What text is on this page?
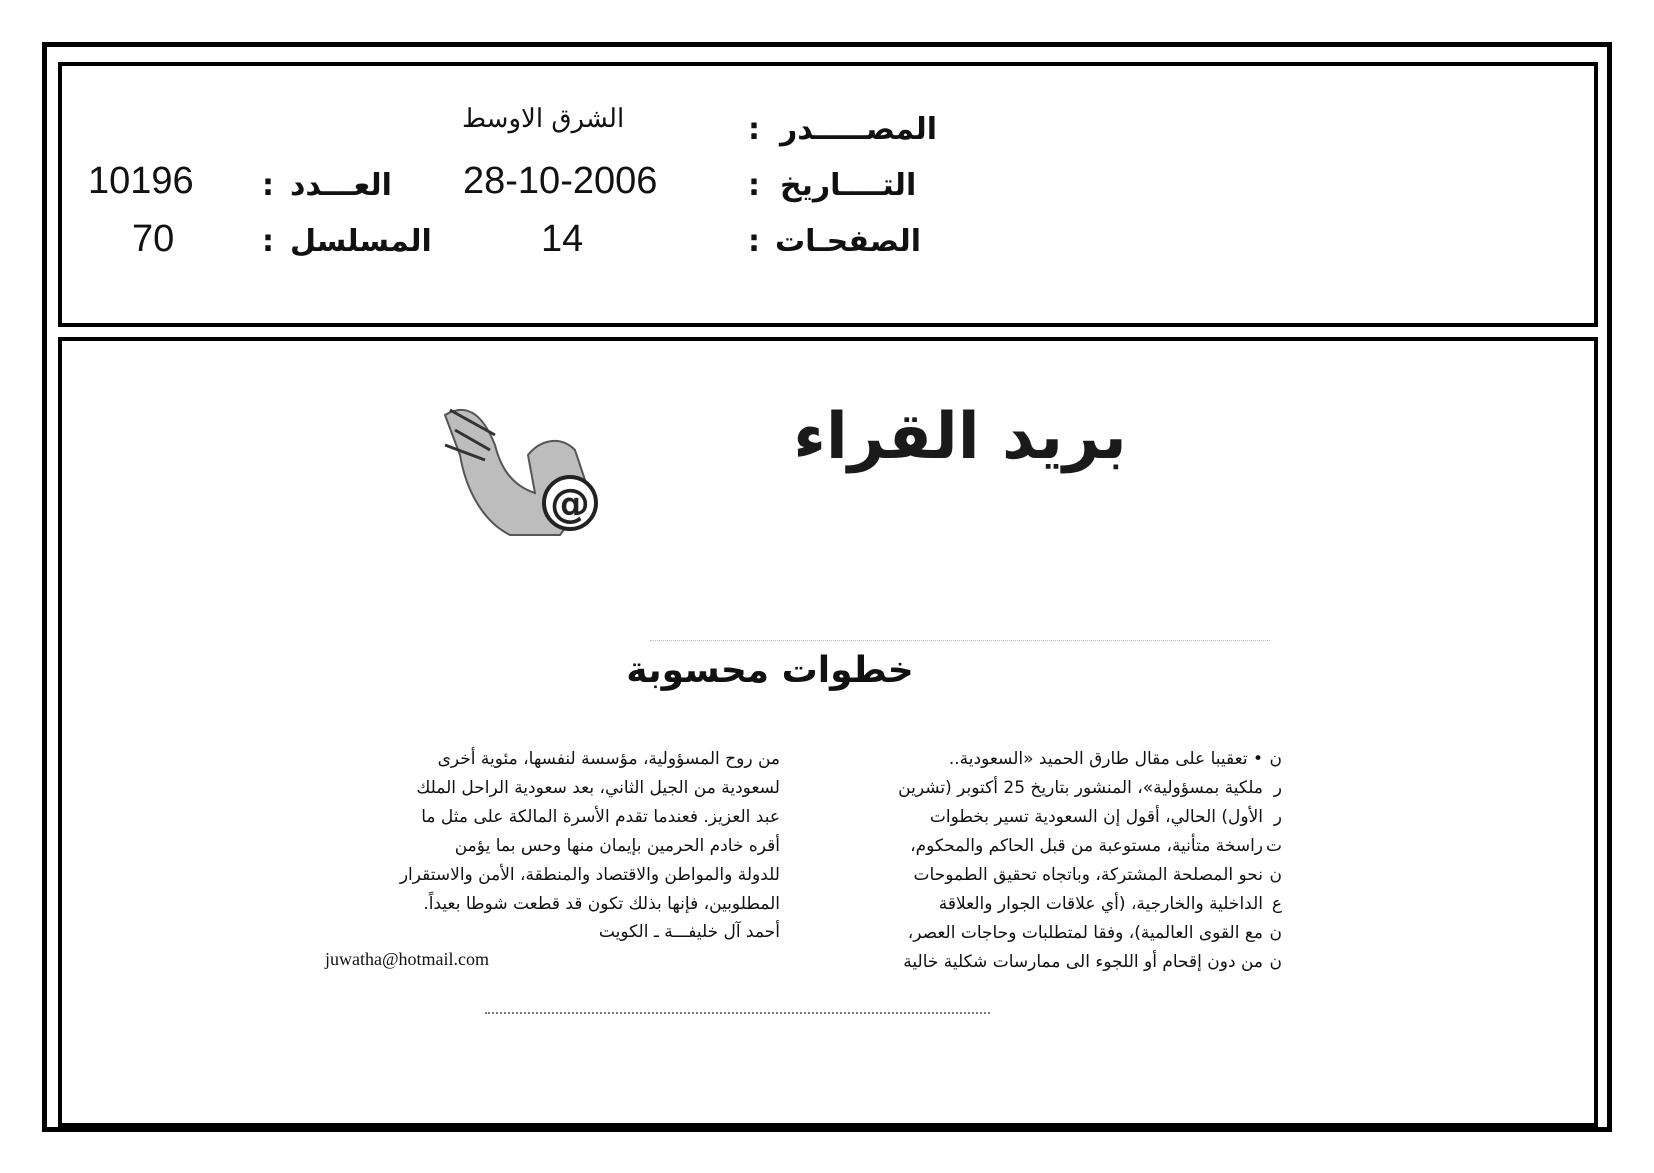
المصـــــدر
:
الشرق الاوسط
التــــاريخ
:
28-10-2006
العـــدد
:
10196
الصفحـات
:
14
المسلسل
:
70
بريد القراء
@
خطوات محسوبة
• تعقيبا على مقال طارق الحميد «السعودية..
ملكية بمسؤولية»، المنشور بتاريخ 25 أكتوبر (تشرين
الأول) الحالي، أقول إن السعودية تسير بخطوات
راسخة متأنية، مستوعبة من قبل الحاكم والمحكوم،
نحو المصلحة المشتركة، وباتجاه تحقيق الطموحات
الداخلية والخارجية، (أي علاقات الجوار والعلاقة
مع القوى العالمية)، وفقا لمتطلبات وحاجات العصر،
من دون إقحام أو اللجوء الى ممارسات شكلية خالية
من روح المسؤولية، مؤسسة لنفسها، مئوية أخرى
لسعودية من الجيل الثاني، بعد سعودية الراحل الملك
عبد العزيز. فعندما تقدم الأسرة المالكة على مثل ما
أقره خادم الحرمين بإيمان منها وحس بما يؤمن
للدولة والمواطن والاقتصاد والمنطقة، الأمن والاستقرار
المطلوبين، فإنها بذلك تكون قد قطعت شوطا بعيداً.
أحمد آل خليفـــة ـ الكويت
juwatha@hotmail.com
ن
ر
ر
ت
ن
ع
ن
ن
